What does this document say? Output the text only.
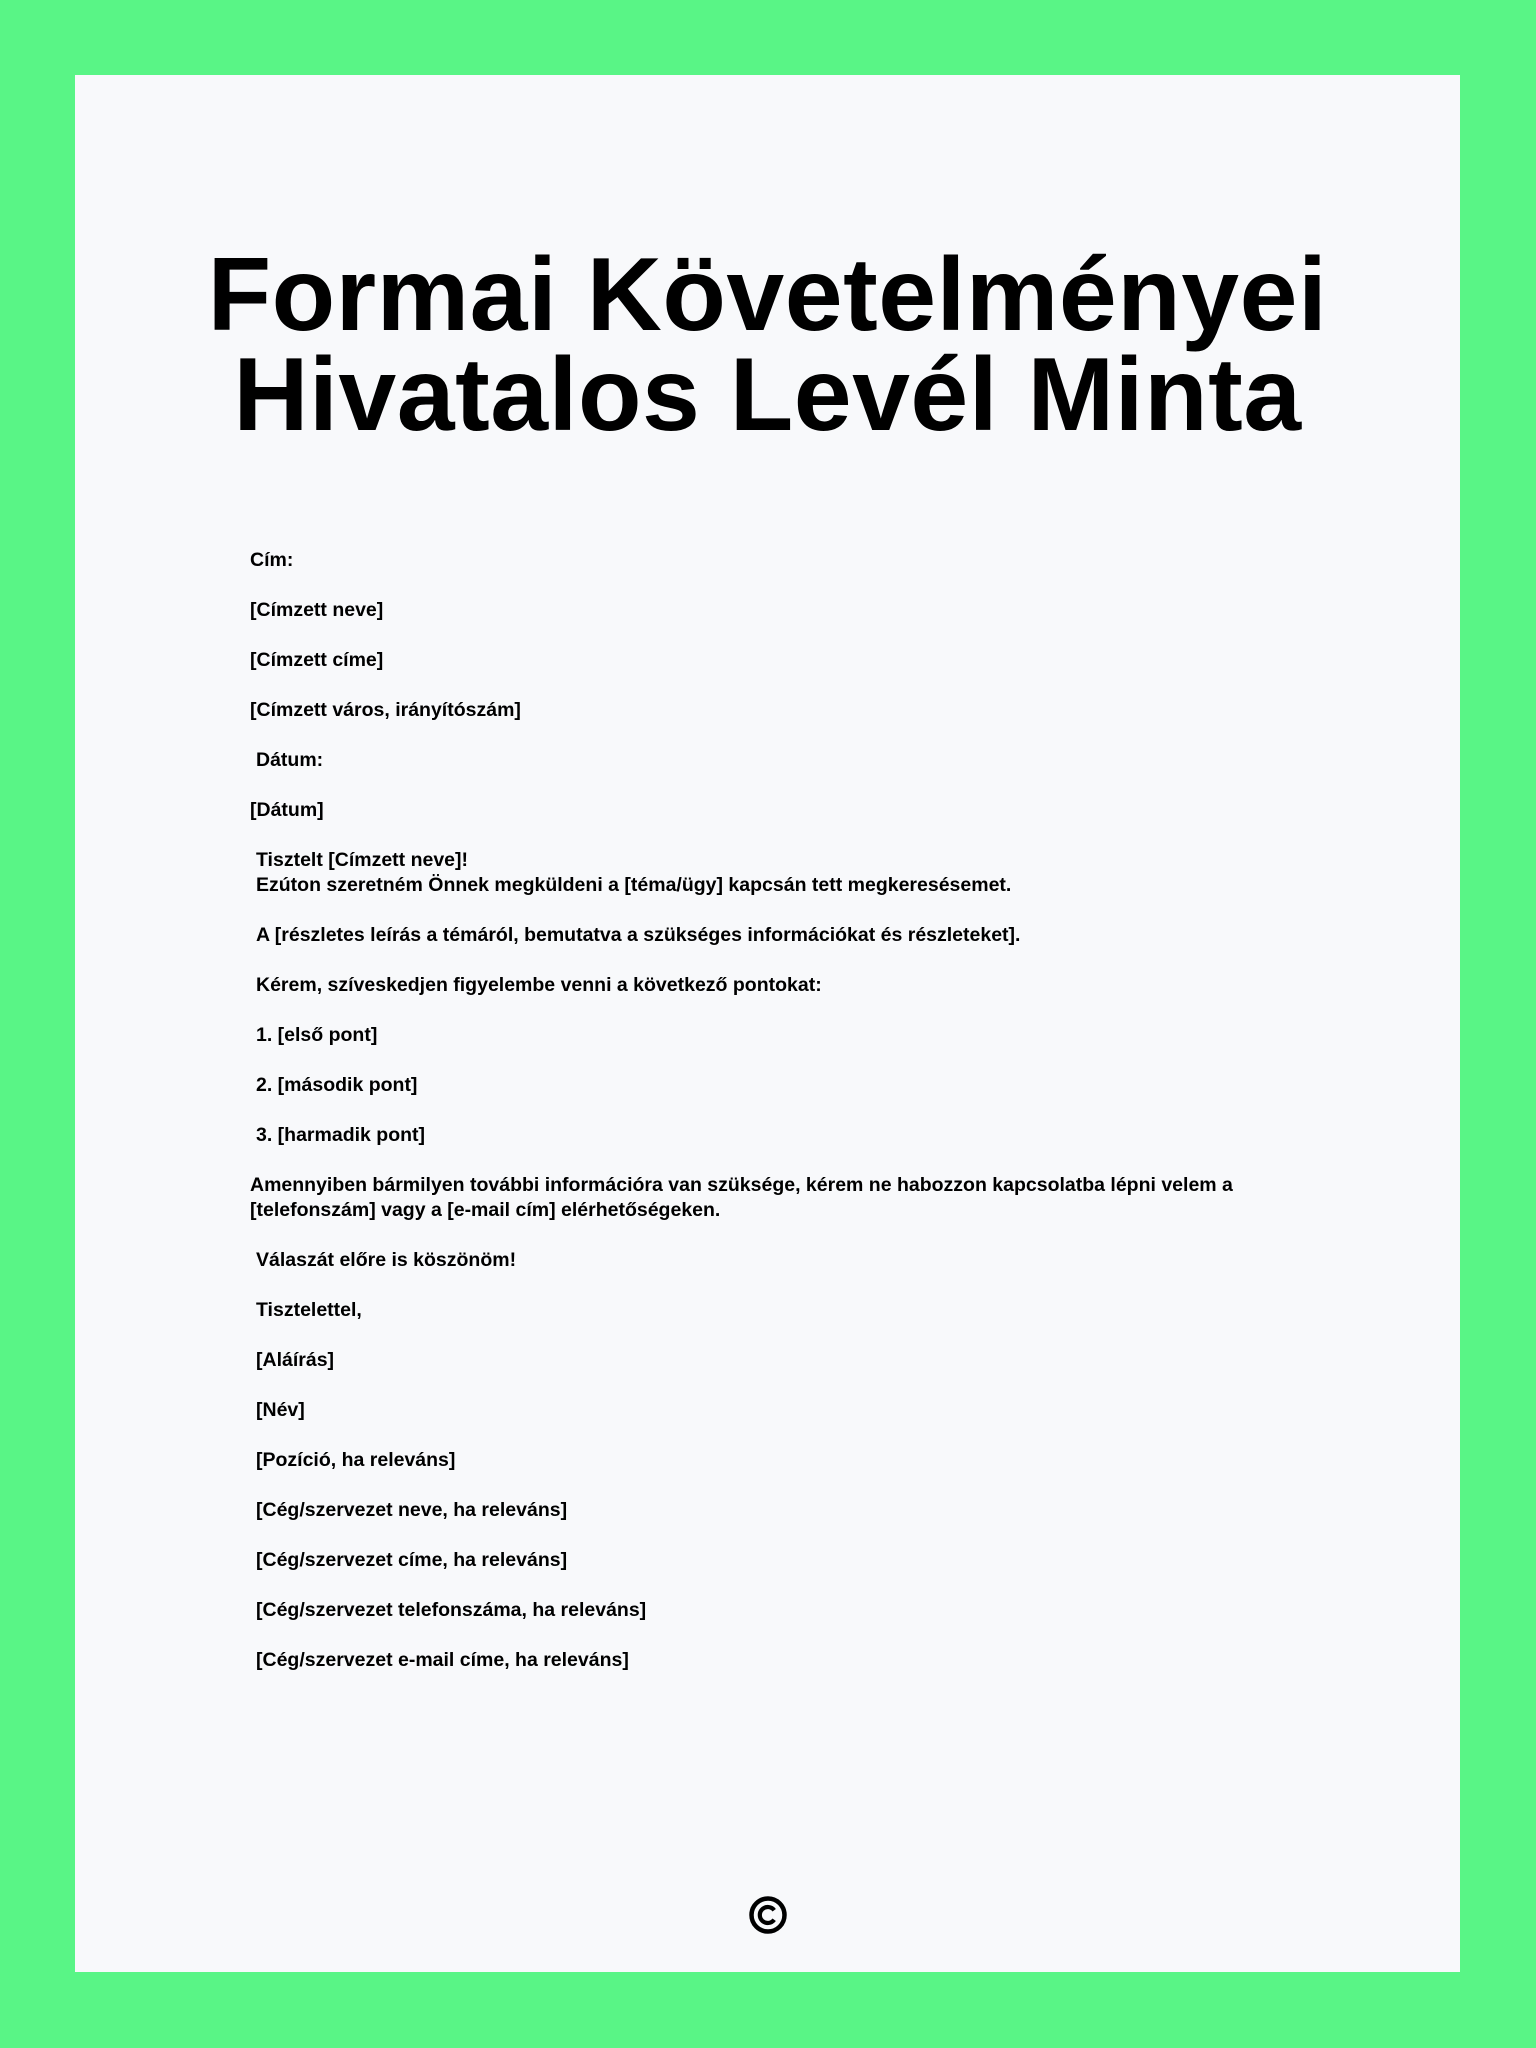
Formai Követelményei
Hivatalos Levél Minta
Cím:
[Címzett neve]
[Címzett címe]
[Címzett város, irányítószám]
Dátum:
[Dátum]
Tisztelt [Címzett neve]!
Ezúton szeretném Önnek megküldeni a [téma/ügy] kapcsán tett megkeresésemet.
A [részletes leírás a témáról, bemutatva a szükséges információkat és részleteket].
Kérem, szíveskedjen figyelembe venni a következő pontokat:
1. [első pont]
2. [második pont]
3. [harmadik pont]
Amennyiben bármilyen további információra van szüksége, kérem ne habozzon kapcsolatba lépni velem a
[telefonszám] vagy a [e-mail cím] elérhetőségeken.
Válaszát előre is köszönöm!
Tisztelettel,
[Aláírás]
[Név]
[Pozíció, ha releváns]
[Cég/szervezet neve, ha releváns]
[Cég/szervezet címe, ha releváns]
[Cég/szervezet telefonszáma, ha releváns]
[Cég/szervezet e-mail címe, ha releváns]
